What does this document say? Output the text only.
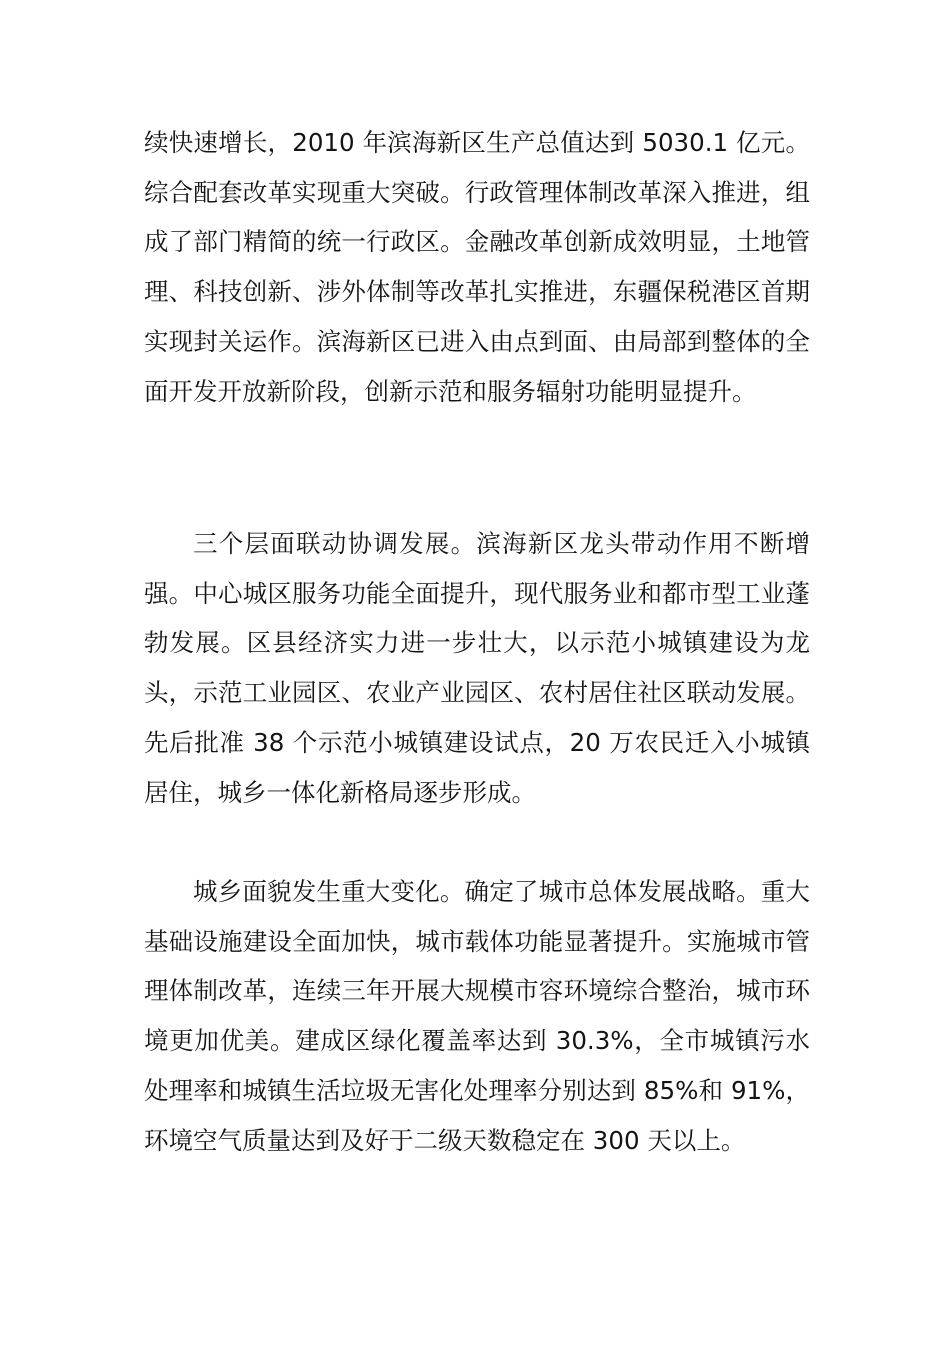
续快速增长，2010 年滨海新区生产总值达到 5030.1 亿元。综合配套改革实现重大突破。行政管理体制改革深入推进，组成了部门精简的统一行政区。金融改革创新成效明显，土地管理、科技创新、涉外体制等改革扎实推进，东疆保税港区首期实现封关运作。滨海新区已进入由点到面、由局部到整体的全面开发开放新阶段，创新示范和服务辐射功能明显提升。

三个层面联动协调发展。滨海新区龙头带动作用不断增强。中心城区服务功能全面提升，现代服务业和都市型工业蓬勃发展。区县经济实力进一步壮大，以示范小城镇建设为龙头，示范工业园区、农业产业园区、农村居住社区联动发展。先后批准 38 个示范小城镇建设试点，20 万农民迁入小城镇居住，城乡一体化新格局逐步形成。

城乡面貌发生重大变化。确定了城市总体发展战略。重大基础设施建设全面加快，城市载体功能显著提升。实施城市管理体制改革，连续三年开展大规模市容环境综合整治，城市环境更加优美。建成区绿化覆盖率达到 30.3%，全市城镇污水处理率和城镇生活垃圾无害化处理率分别达到 85%和 91%，环境空气质量达到及好于二级天数稳定在 300 天以上。
